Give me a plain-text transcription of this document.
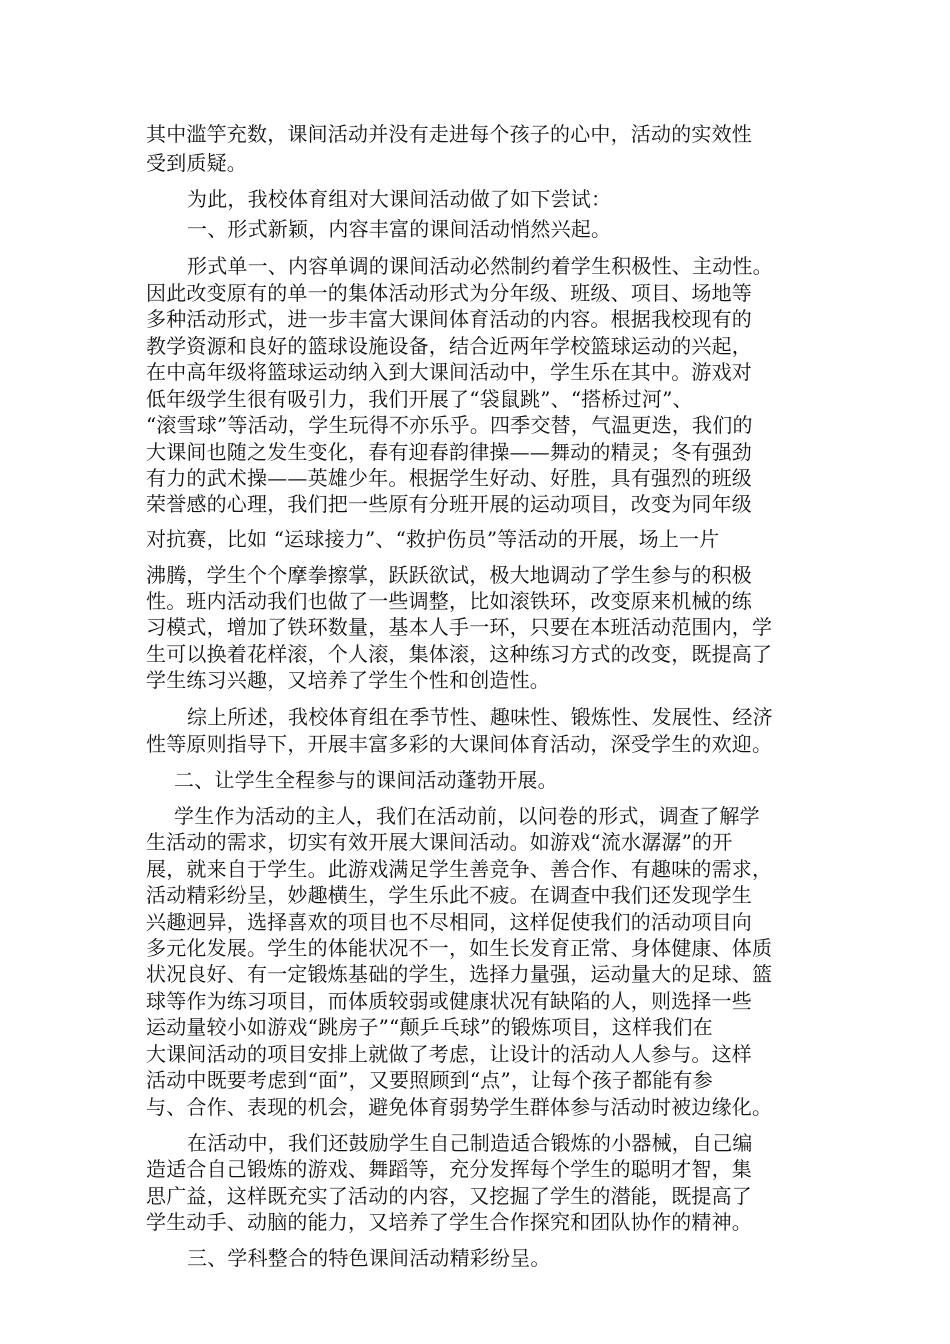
其中滥竽充数，课间活动并没有走进每个孩子的心中，活动的实效性
受到质疑。
为此，我校体育组对大课间活动做了如下尝试：
一、形式新颖，内容丰富的课间活动悄然兴起。
形式单一、内容单调的课间活动必然制约着学生积极性、主动性。
因此改变原有的单一的集体活动形式为分年级、班级、项目、场地等
多种活动形式，进一步丰富大课间体育活动的内容。根据我校现有的
教学资源和良好的篮球设施设备，结合近两年学校篮球运动的兴起，
在中高年级将篮球运动纳入到大课间活动中，学生乐在其中。游戏对
低年级学生很有吸引力，我们开展了“袋鼠跳”、“搭桥过河”、
“滚雪球”等活动，学生玩得不亦乐乎。四季交替，气温更迭，我们的
大课间也随之发生变化，春有迎春韵律操——舞动的精灵；冬有强劲
有力的武术操——英雄少年。根据学生好动、好胜，具有强烈的班级
荣誉感的心理，我们把一些原有分班开展的运动项目，改变为同年级
对抗赛，比如 “运球接力”、“救护伤员”等活动的开展，场上一片
沸腾，学生个个摩拳擦掌，跃跃欲试，极大地调动了学生参与的积极
性。班内活动我们也做了一些调整，比如滚铁环，改变原来机械的练
习模式，增加了铁环数量，基本人手一环，只要在本班活动范围内，学
生可以换着花样滚，个人滚，集体滚，这种练习方式的改变，既提高了
学生练习兴趣，又培养了学生个性和创造性。
综上所述，我校体育组在季节性、趣味性、锻炼性、发展性、经济
性等原则指导下，开展丰富多彩的大课间体育活动，深受学生的欢迎。
二、让学生全程参与的课间活动蓬勃开展。
学生作为活动的主人，我们在活动前，以问卷的形式，调查了解学
生活动的需求，切实有效开展大课间活动。如游戏“流水潺潺”的开
展，就来自于学生。此游戏满足学生善竞争、善合作、有趣味的需求，
活动精彩纷呈，妙趣横生，学生乐此不疲。在调查中我们还发现学生
兴趣迥异，选择喜欢的项目也不尽相同，这样促使我们的活动项目向
多元化发展。学生的体能状况不一，如生长发育正常、身体健康、体质
状况良好、有一定锻炼基础的学生，选择力量强，运动量大的足球、篮
球等作为练习项目，而体质较弱或健康状况有缺陷的人，则选择一些
运动量较小如游戏“跳房子”“颠乒乓球”的锻炼项目，这样我们在
大课间活动的项目安排上就做了考虑，让设计的活动人人参与。这样
活动中既要考虑到“面”，又要照顾到“点”，让每个孩子都能有参
与、合作、表现的机会，避免体育弱势学生群体参与活动时被边缘化。
在活动中，我们还鼓励学生自己制造适合锻炼的小器械，自己编
造适合自己锻炼的游戏、舞蹈等，充分发挥每个学生的聪明才智，集
思广益，这样既充实了活动的内容，又挖掘了学生的潜能，既提高了
学生动手、动脑的能力，又培养了学生合作探究和团队协作的精神。
三、学科整合的特色课间活动精彩纷呈。
